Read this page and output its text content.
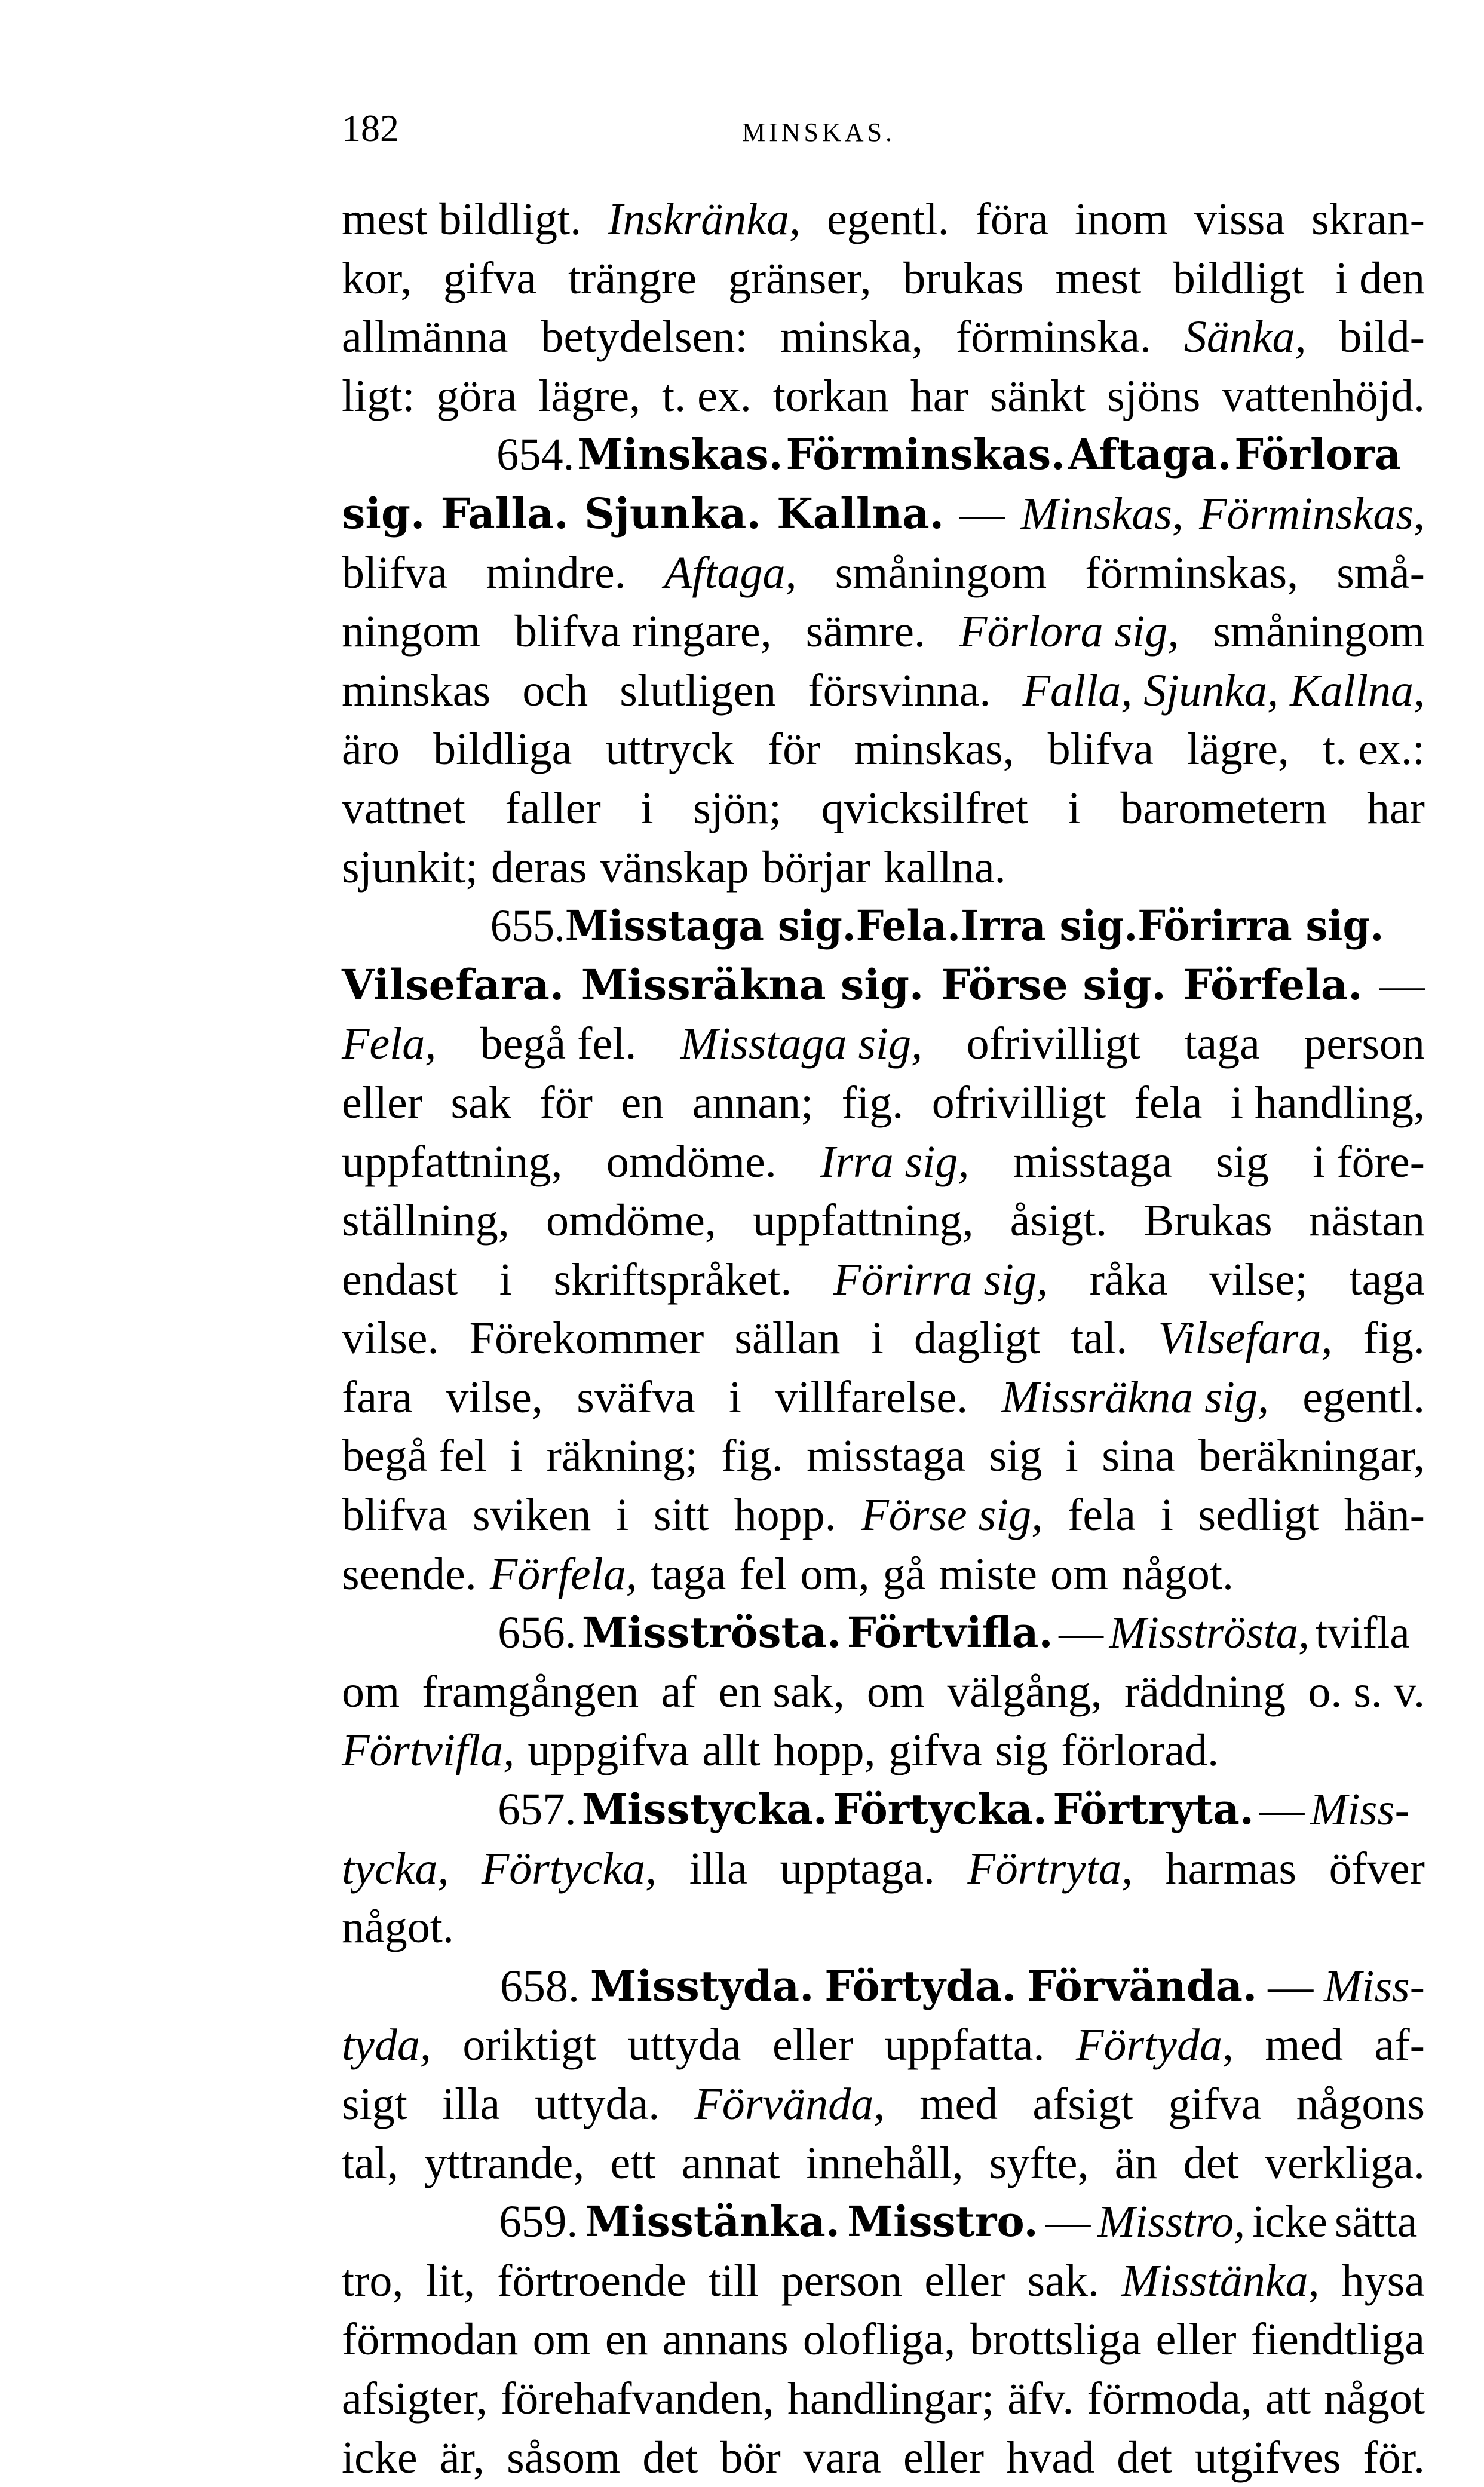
182	MINSKAS.
mest bildligt. Inskränka, egentl. föra inom vissa skran-
kor, gifva trängre gränser, brukas mest bildligt i den
allmänna betydelsen: minska, förminska. Sänka, bild-
ligt: göra lägre, t. ex. torkan har sänkt sjöns vattenhöjd.
654. Minskas. Förminskas. Aftaga. Förlora
sig. Falla. Sjunka. Kallna. — Minskas, Förminskas,
blifva mindre. Aftaga, småningom förminskas, små-
ningom blifva ringare, sämre. Förlora sig, småningom
minskas och slutligen försvinna. Falla, Sjunka, Kallna,
äro bildliga uttryck för minskas, blifva lägre, t. ex.:
vattnet faller i sjön; qvicksilfret i barometern har
sjunkit; deras vänskap börjar kallna.
655. Misstaga sig. Fela. Irra sig. Förirra sig.
Vilsefara. Missräkna sig. Förse sig. Förfela. —
Fela, begå fel. Misstaga sig, ofrivilligt taga person
eller sak för en annan; fig. ofrivilligt fela i handling,
uppfattning, omdöme. Irra sig, misstaga sig i före-
ställning, omdöme, uppfattning, åsigt. Brukas nästan
endast i skriftspråket. Förirra sig, råka vilse; taga
vilse. Förekommer sällan i dagligt tal. Vilsefara, fig.
fara vilse, sväfva i villfarelse. Missräkna sig, egentl.
begå fel i räkning; fig. misstaga sig i sina beräkningar,
blifva sviken i sitt hopp. Förse sig, fela i sedligt hän-
seende. Förfela, taga fel om, gå miste om något.
656. Misströsta. Förtvifla. — Misströsta, tvifla
om framgången af en sak, om välgång, räddning o. s. v.
Förtvifla, uppgifva allt hopp, gifva sig förlorad.
657. Misstycka. Förtycka. Förtryta. — Miss-
tycka, Förtycka, illa upptaga. Förtryta, harmas öfver
något.
658. Misstyda. Förtyda. Förvända. — Miss-
tyda, oriktigt uttyda eller uppfatta. Förtyda, med af-
sigt illa uttyda. Förvända, med afsigt gifva någons
tal, yttrande, ett annat innehåll, syfte, än det verkliga.
659. Misstänka. Misstro. — Misstro, icke sätta
tro, lit, förtroende till person eller sak. Misstänka, hysa
förmodan om en annans olofliga, brottsliga eller fiendtliga
afsigter, förehafvanden, handlingar; äfv. förmoda, att något
icke är, såsom det bör vara eller hvad det utgifves för.
